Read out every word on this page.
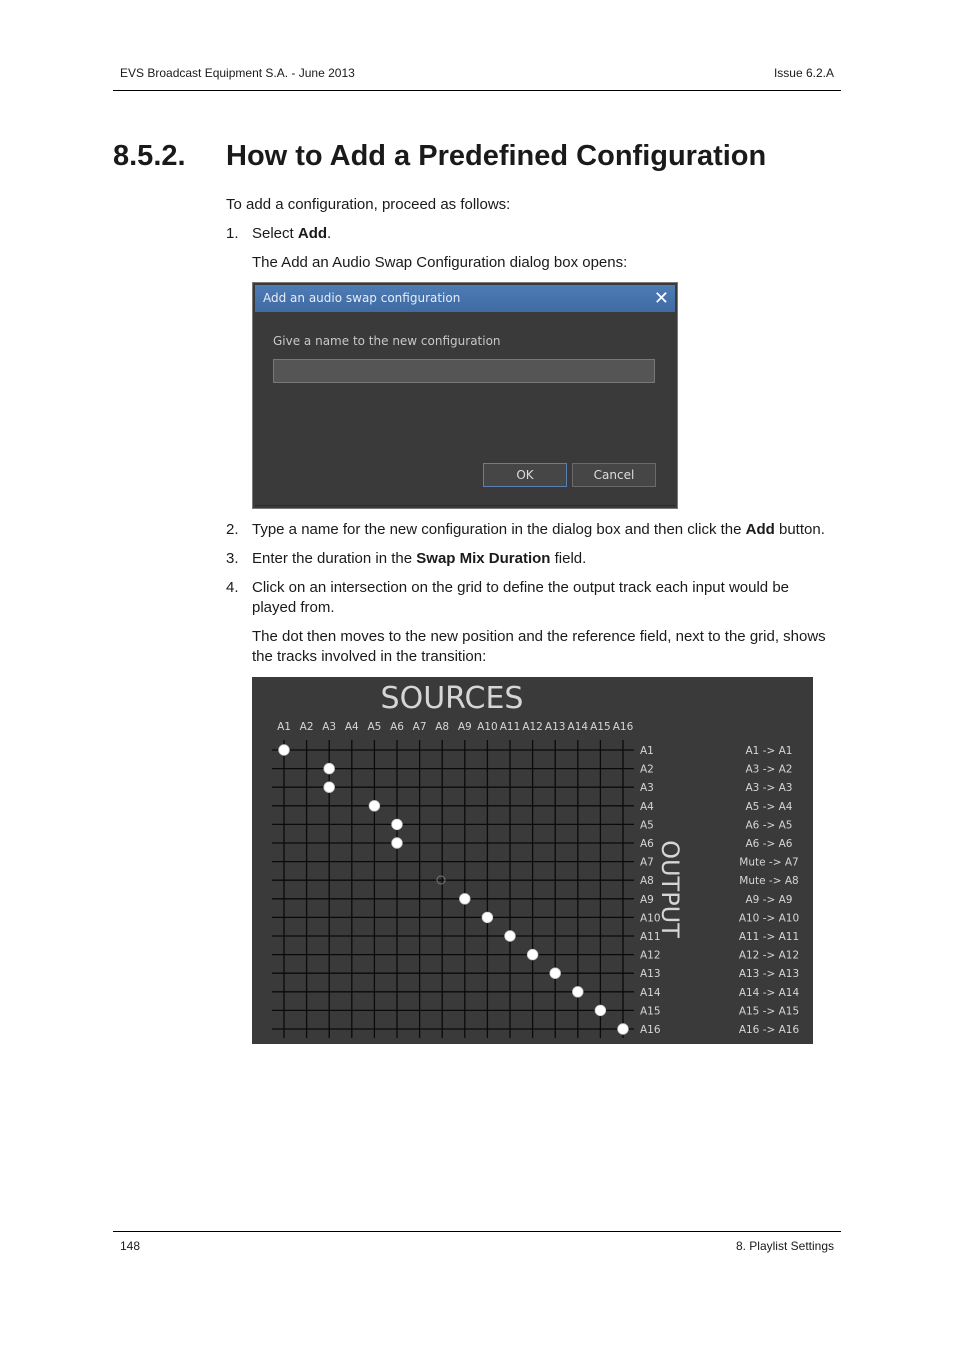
EVS Broadcast Equipment S.A. - June 2013	Issue 6.2.A
8.5.2. How to Add a Predefined Configuration
To add a configuration, proceed as follows:
1. Select Add.
The Add an Audio Swap Configuration dialog box opens:
Add an audio swap configuration	✕
Give a name to the new configuration
OK	Cancel
2. Type a name for the new configuration in the dialog box and then click the Add button.
3. Enter the duration in the Swap Mix Duration field.
4. Click on an intersection on the grid to define the output track each input would be
played from.
The dot then moves to the new position and the reference field, next to the grid, shows
the tracks involved in the transition:
SOURCES
A1 A2 A3 A4 A5 A6 A7 A8 A9 A10 A11 A12 A13 A14 A15 A16
A1
A2
A3
A4
A5
A6
A7
A8
A9
A10
A11
A12
A13
A14
A15
A16
OUTPUT
A1 -> A1
A3 -> A2
A3 -> A3
A5 -> A4
A6 -> A5
A6 -> A6
Mute -> A7
Mute -> A8
A9 -> A9
A10 -> A10
A11 -> A11
A12 -> A12
A13 -> A13
A14 -> A14
A15 -> A15
A16 -> A16
148	8. Playlist Settings
